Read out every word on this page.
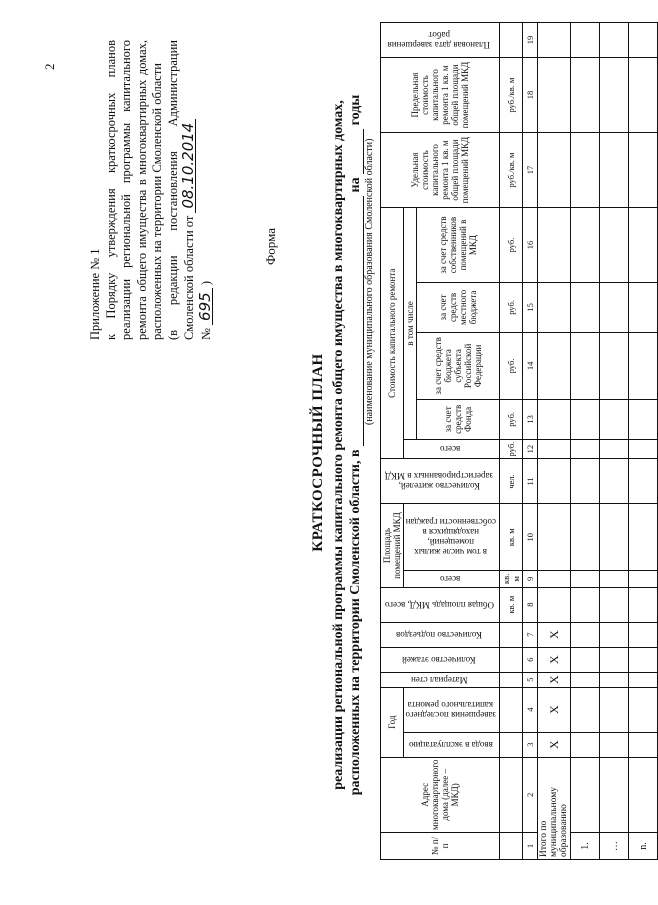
2
Приложение № 1 к Порядку утверждения краткосрочных планов реализации региональной программы капитального ремонта общего имущества в многоквартирных домах, расположенных на территории Смоленской области (в редакции постановления Администрации Смоленской области от 08.10.2014
№ 695 )
Форма
КРАТКОСРОЧНЫЙ ПЛАН реализации региональной программы капитального ремонта общего имущества в многоквартирных домах, расположенных на территории Смоленской области, в  на  годы
(наименование муниципального образования Смоленской области)
№ п/п	Адрес многоквартирного дома (далее – МКД)	Год		Материал стен	Количество этажей	Количество подъездов	Общая площадь МКД, всего	Площадь помещений МКД		Количество жителей, зарегистрированных в МКД	Стоимость капитального ремонта					Удельная стоимость капитального ремонта 1 кв. м общей площади помещений МКД	Предельная стоимость капитального ремонта 1 кв. м общей площади помещений МКД	Плановая дата завершения работ
		ввода в эксплуатацию	завершения последнего капитального ремонта					всего	в том числе жилых помещений, находящихся в собственности граждан		всего	в том числе						
												за счет средств Фонда	за счет средств бюджета субъекта Российской Федерации	за счет средств местного бюджета	за счет средств собственников помещений в МКД			
							кв. м	кв. м	кв. м	чел.	руб.	руб.	руб.	руб.	руб.	руб./кв. м	руб./кв. м	
1	2	3	4	5	6	7	8	9	10	11	12	13	14	15	16	17	18	19
Итого по муниципальному образованию		Х	Х	Х	Х	Х												
1.																		
…																		
n.																		
